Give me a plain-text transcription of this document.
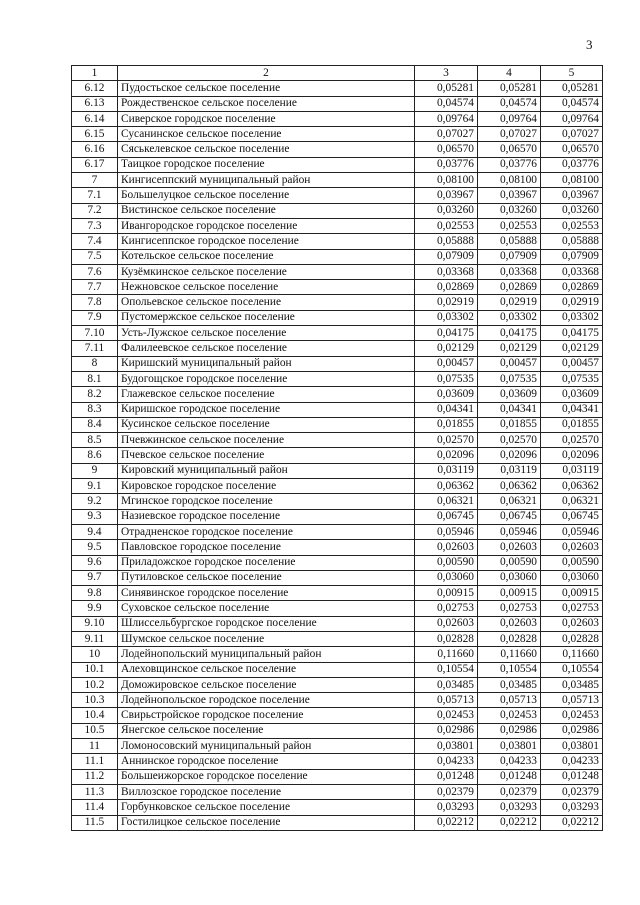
3
1	2	3	4	5
6.12	Пудостьское сельское поселение	0,05281	0,05281	0,05281
6.13	Рождественское сельское поселение	0,04574	0,04574	0,04574
6.14	Сиверское городское поселение	0,09764	0,09764	0,09764
6.15	Сусанинское сельское поселение	0,07027	0,07027	0,07027
6.16	Сяськелевское сельское поселение	0,06570	0,06570	0,06570
6.17	Таицкое городское поселение	0,03776	0,03776	0,03776
7	Кингисеппский муниципальный район	0,08100	0,08100	0,08100
7.1	Большелуцкое сельское поселение	0,03967	0,03967	0,03967
7.2	Вистинское сельское поселение	0,03260	0,03260	0,03260
7.3	Ивангородское городское поселение	0,02553	0,02553	0,02553
7.4	Кингисеппское городское поселение	0,05888	0,05888	0,05888
7.5	Котельское сельское поселение	0,07909	0,07909	0,07909
7.6	Кузёмкинское сельское поселение	0,03368	0,03368	0,03368
7.7	Нежновское сельское поселение	0,02869	0,02869	0,02869
7.8	Опольевское сельское поселение	0,02919	0,02919	0,02919
7.9	Пустомержское сельское поселение	0,03302	0,03302	0,03302
7.10	Усть-Лужское сельское поселение	0,04175	0,04175	0,04175
7.11	Фалилеевское сельское поселение	0,02129	0,02129	0,02129
8	Киришский муниципальный район	0,00457	0,00457	0,00457
8.1	Будогощское городское поселение	0,07535	0,07535	0,07535
8.2	Глажевское сельское поселение	0,03609	0,03609	0,03609
8.3	Киришское городское поселение	0,04341	0,04341	0,04341
8.4	Кусинское сельское поселение	0,01855	0,01855	0,01855
8.5	Пчевжинское сельское поселение	0,02570	0,02570	0,02570
8.6	Пчевское сельское поселение	0,02096	0,02096	0,02096
9	Кировский муниципальный район	0,03119	0,03119	0,03119
9.1	Кировское городское поселение	0,06362	0,06362	0,06362
9.2	Мгинское городское поселение	0,06321	0,06321	0,06321
9.3	Назиевское городское поселение	0,06745	0,06745	0,06745
9.4	Отрадненское городское поселение	0,05946	0,05946	0,05946
9.5	Павловское городское поселение	0,02603	0,02603	0,02603
9.6	Приладожское городское поселение	0,00590	0,00590	0,00590
9.7	Путиловское сельское поселение	0,03060	0,03060	0,03060
9.8	Синявинское городское поселение	0,00915	0,00915	0,00915
9.9	Суховское сельское поселение	0,02753	0,02753	0,02753
9.10	Шлиссельбургское городское поселение	0,02603	0,02603	0,02603
9.11	Шумское сельское поселение	0,02828	0,02828	0,02828
10	Лодейнопольский муниципальный район	0,11660	0,11660	0,11660
10.1	Алеховщинское сельское поселение	0,10554	0,10554	0,10554
10.2	Доможировское сельское поселение	0,03485	0,03485	0,03485
10.3	Лодейнопольское городское поселение	0,05713	0,05713	0,05713
10.4	Свирьстройское городское поселение	0,02453	0,02453	0,02453
10.5	Янегское сельское поселение	0,02986	0,02986	0,02986
11	Ломоносовский муниципальный район	0,03801	0,03801	0,03801
11.1	Аннинское городское поселение	0,04233	0,04233	0,04233
11.2	Большеижорское городское поселение	0,01248	0,01248	0,01248
11.3	Виллозское городское поселение	0,02379	0,02379	0,02379
11.4	Горбунковское сельское поселение	0,03293	0,03293	0,03293
11.5	Гостилицкое сельское поселение	0,02212	0,02212	0,02212
